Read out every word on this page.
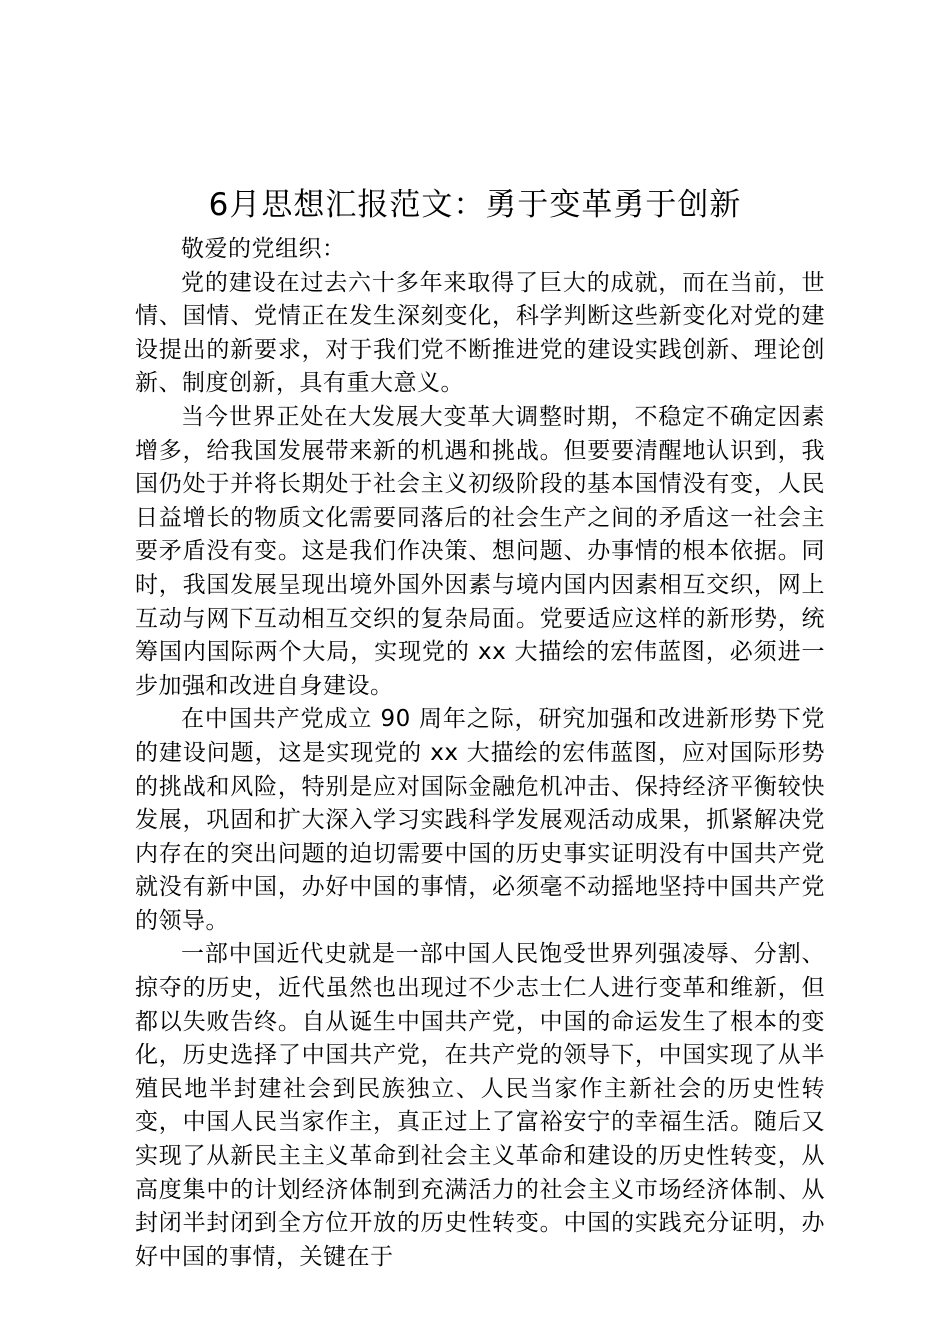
6月思想汇报范文：勇于变革勇于创新

敬爱的党组织：

党的建设在过去六十多年来取得了巨大的成就，而在当前，世情、国情、党情正在发生深刻变化，科学判断这些新变化对党的建设提出的新要求，对于我们党不断推进党的建设实践创新、理论创新、制度创新，具有重大意义。

当今世界正处在大发展大变革大调整时期，不稳定不确定因素增多，给我国发展带来新的机遇和挑战。但要要清醒地认识到，我国仍处于并将长期处于社会主义初级阶段的基本国情没有变，人民日益增长的物质文化需要同落后的社会生产之间的矛盾这一社会主要矛盾没有变。这是我们作决策、想问题、办事情的根本依据。同时，我国发展呈现出境外国外因素与境内国内因素相互交织，网上互动与网下互动相互交织的复杂局面。党要适应这样的新形势，统筹国内国际两个大局，实现党的 xx 大描绘的宏伟蓝图，必须进一步加强和改进自身建设。

在中国共产党成立 90 周年之际，研究加强和改进新形势下党的建设问题，这是实现党的 xx 大描绘的宏伟蓝图，应对国际形势的挑战和风险，特别是应对国际金融危机冲击、保持经济平衡较快发展，巩固和扩大深入学习实践科学发展观活动成果，抓紧解决党内存在的突出问题的迫切需要中国的历史事实证明没有中国共产党就没有新中国，办好中国的事情，必须毫不动摇地坚持中国共产党的领导。

一部中国近代史就是一部中国人民饱受世界列强凌辱、分割、掠夺的历史，近代虽然也出现过不少志士仁人进行变革和维新，但都以失败告终。自从诞生中国共产党，中国的命运发生了根本的变化，历史选择了中国共产党，在共产党的领导下，中国实现了从半殖民地半封建社会到民族独立、人民当家作主新社会的历史性转变，中国人民当家作主，真正过上了富裕安宁的幸福生活。随后又实现了从新民主主义革命到社会主义革命和建设的历史性转变，从高度集中的计划经济体制到充满活力的社会主义市场经济体制、从封闭半封闭到全方位开放的历史性转变。中国的实践充分证明，办好中国的事情，关键在于
